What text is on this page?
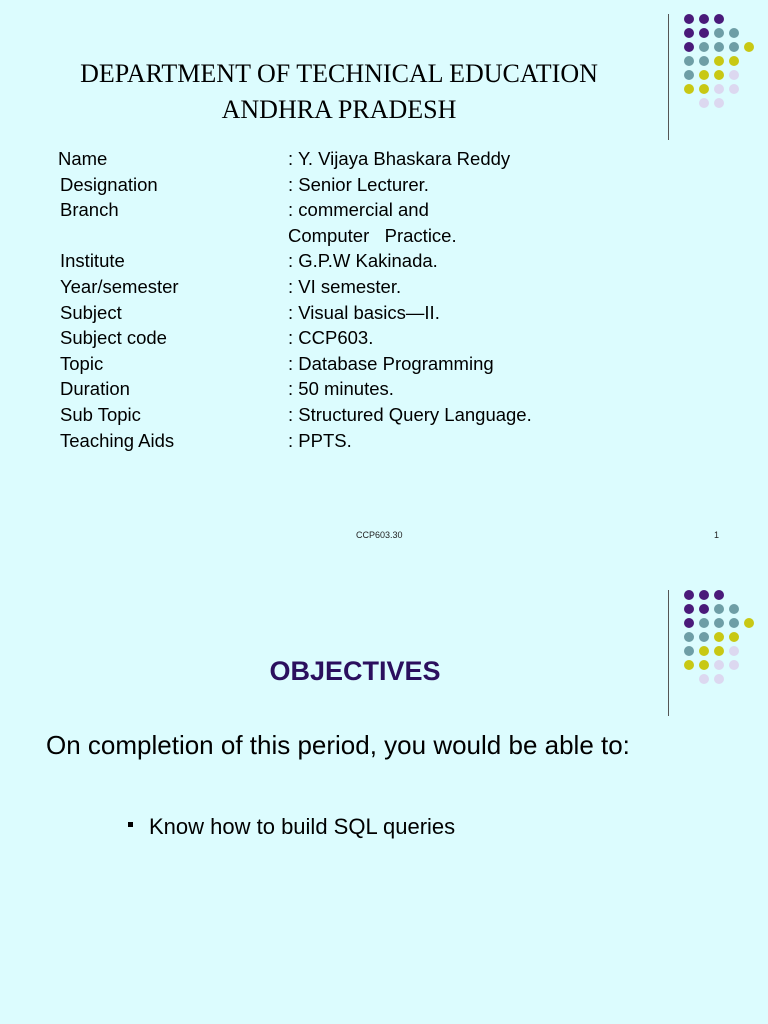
DEPARTMENT OF TECHNICAL EDUCATION
ANDHRA PRADESH
Name	: Y. Vijaya Bhaskara Reddy
Designation	: Senior Lecturer.
Branch	: commercial and Computer   Practice.
Institute	: G.P.W Kakinada.
Year/semester	: VI semester.
Subject	: Visual basics—II.
Subject code	: CCP603.
Topic	: Database Programming
Duration	: 50 minutes.
Sub Topic	: Structured Query Language.
Teaching Aids	: PPTS.
CCP603.30	1
OBJECTIVES
On completion of this period, you would be able to:
Know how to build SQL queries
